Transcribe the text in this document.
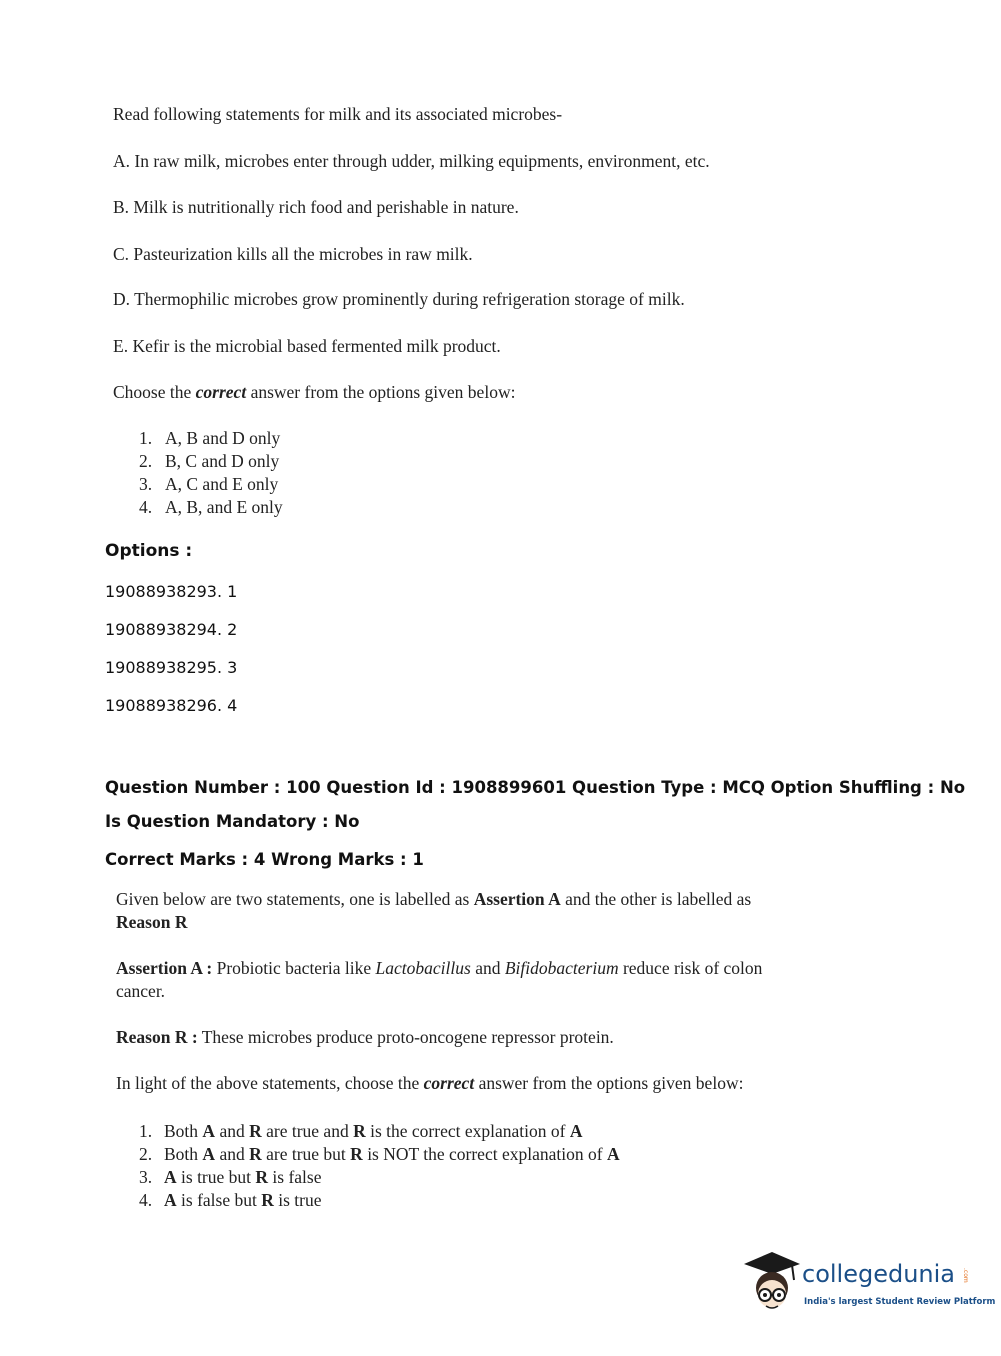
Read following statements for milk and its associated microbes-

A. In raw milk, microbes enter through udder, milking equipments, environment, etc.

B. Milk is nutritionally rich food and perishable in nature.

C. Pasteurization kills all the microbes in raw milk.

D. Thermophilic microbes grow prominently during refrigeration storage of milk.

E. Kefir is the microbial based fermented milk product.

Choose the correct answer from the options given below:

1. A, B and D only
2. B, C and D only
3. A, C and E only
4. A, B, and E only
Options :
19088938293. 1
19088938294. 2
19088938295. 3
19088938296. 4
Question Number : 100 Question Id : 1908899601 Question Type : MCQ Option Shuffling : No
Is Question Mandatory : No
Correct Marks : 4 Wrong Marks : 1

Given below are two statements, one is labelled as Assertion A and the other is labelled as

Reason R

Assertion A : Probiotic bacteria like Lactobacillus and Bifidobacterium reduce risk of colon

cancer.

Reason R : These microbes produce proto-oncogene repressor protein.

In light of the above statements, choose the correct answer from the options given below:

1. Both A and R are true and R is the correct explanation of A
2. Both A and R are true but R is NOT the correct explanation of A
3. A is true but R is false
4. A is false but R is true
collegedunia
India's largest Student Review Platform
.com
